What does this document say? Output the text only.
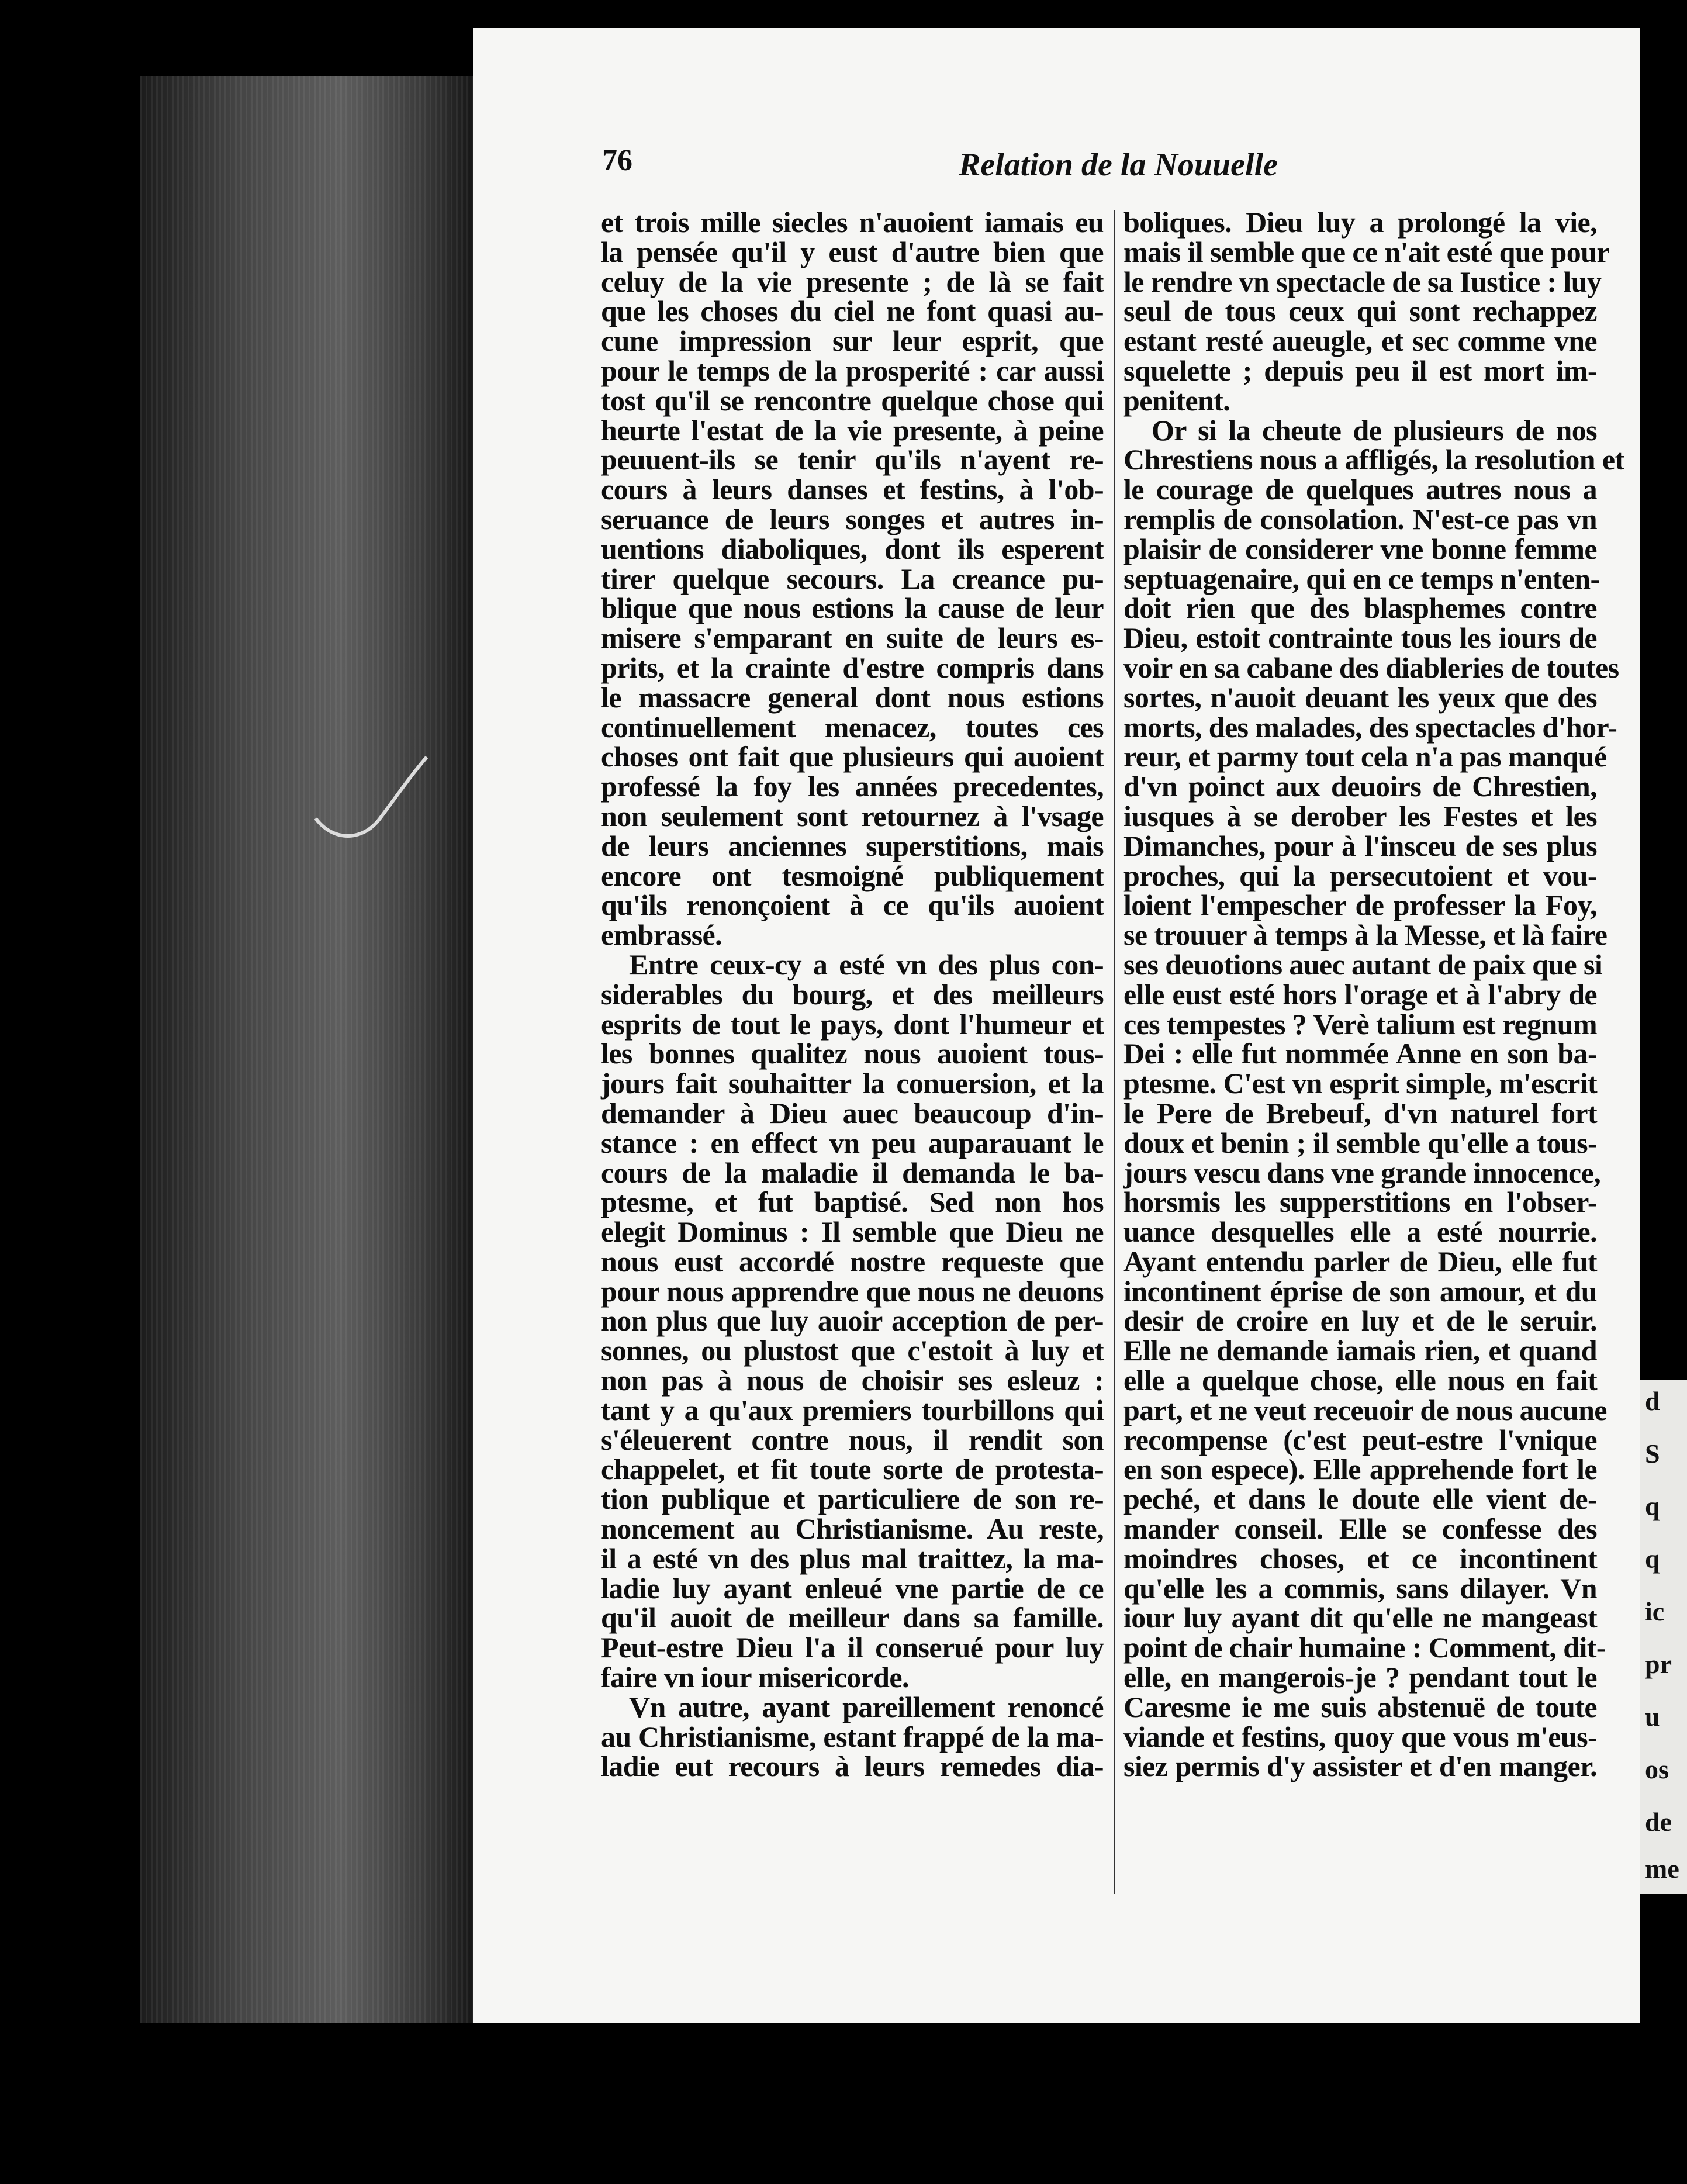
76	Relation de la Nouuelle
et trois mille siecles n'auoient iamais eu
la pensée qu'il y eust d'autre bien que
celuy de la vie presente ; de là se fait
que les choses du ciel ne font quasi au-
cune impression sur leur esprit, que
pour le temps de la prosperité : car aussi
tost qu'il se rencontre quelque chose qui
heurte l'estat de la vie presente, à peine
peuuent-ils se tenir qu'ils n'ayent re-
cours à leurs danses et festins, à l'ob-
seruance de leurs songes et autres in-
uentions diaboliques, dont ils esperent
tirer quelque secours. La creance pu-
blique que nous estions la cause de leur
misere s'emparant en suite de leurs es-
prits, et la crainte d'estre compris dans
le massacre general dont nous estions
continuellement menacez, toutes ces
choses ont fait que plusieurs qui auoient
professé la foy les années precedentes,
non seulement sont retournez à l'vsage
de leurs anciennes superstitions, mais
encore ont tesmoigné publiquement
qu'ils renonçoient à ce qu'ils auoient
embrassé.
Entre ceux-cy a esté vn des plus con-
siderables du bourg, et des meilleurs
esprits de tout le pays, dont l'humeur et
les bonnes qualitez nous auoient tous-
jours fait souhaitter la conuersion, et la
demander à Dieu auec beaucoup d'in-
stance : en effect vn peu auparauant le
cours de la maladie il demanda le ba-
ptesme, et fut baptisé. Sed non hos
elegit Dominus : Il semble que Dieu ne
nous eust accordé nostre requeste que
pour nous apprendre que nous ne deuons
non plus que luy auoir acception de per-
sonnes, ou plustost que c'estoit à luy et
non pas à nous de choisir ses esleuz :
tant y a qu'aux premiers tourbillons qui
s'éleuerent contre nous, il rendit son
chappelet, et fit toute sorte de protesta-
tion publique et particuliere de son re-
noncement au Christianisme. Au reste,
il a esté vn des plus mal traittez, la ma-
ladie luy ayant enleué vne partie de ce
qu'il auoit de meilleur dans sa famille.
Peut-estre Dieu l'a il conserué pour luy
faire vn iour misericorde.
Vn autre, ayant pareillement renoncé
au Christianisme, estant frappé de la ma-
ladie eut recours à leurs remedes dia-
boliques. Dieu luy a prolongé la vie,
mais il semble que ce n'ait esté que pour
le rendre vn spectacle de sa Iustice : luy
seul de tous ceux qui sont rechappez
estant resté aueugle, et sec comme vne
squelette ; depuis peu il est mort im-
penitent.
Or si la cheute de plusieurs de nos
Chrestiens nous a affligés, la resolution et
le courage de quelques autres nous a
remplis de consolation. N'est-ce pas vn
plaisir de considerer vne bonne femme
septuagenaire, qui en ce temps n'enten-
doit rien que des blasphemes contre
Dieu, estoit contrainte tous les iours de
voir en sa cabane des diableries de toutes
sortes, n'auoit deuant les yeux que des
morts, des malades, des spectacles d'hor-
reur, et parmy tout cela n'a pas manqué
d'vn poinct aux deuoirs de Chrestien,
iusques à se derober les Festes et les
Dimanches, pour à l'insceu de ses plus
proches, qui la persecutoient et vou-
loient l'empescher de professer la Foy,
se trouuer à temps à la Messe, et là faire
ses deuotions auec autant de paix que si
elle eust esté hors l'orage et à l'abry de
ces tempestes ? Verè talium est regnum
Dei : elle fut nommée Anne en son ba-
ptesme. C'est vn esprit simple, m'escrit
le Pere de Brebeuf, d'vn naturel fort
doux et benin ; il semble qu'elle a tous-
jours vescu dans vne grande innocence,
horsmis les supperstitions en l'obser-
uance desquelles elle a esté nourrie.
Ayant entendu parler de Dieu, elle fut
incontinent éprise de son amour, et du
desir de croire en luy et de le seruir.
Elle ne demande iamais rien, et quand
elle a quelque chose, elle nous en fait
part, et ne veut receuoir de nous aucune
recompense (c'est peut-estre l'vnique
en son espece). Elle apprehende fort le
peché, et dans le doute elle vient de-
mander conseil. Elle se confesse des
moindres choses, et ce incontinent
qu'elle les a commis, sans dilayer. Vn
iour luy ayant dit qu'elle ne mangeast
point de chair humaine : Comment, dit-
elle, en mangerois-je ? pendant tout le
Caresme ie me suis abstenuë de toute
viande et festins, quoy que vous m'eus-
siez permis d'y assister et d'en manger.
d
S
q
q
ic
pr
u
os
de
me
